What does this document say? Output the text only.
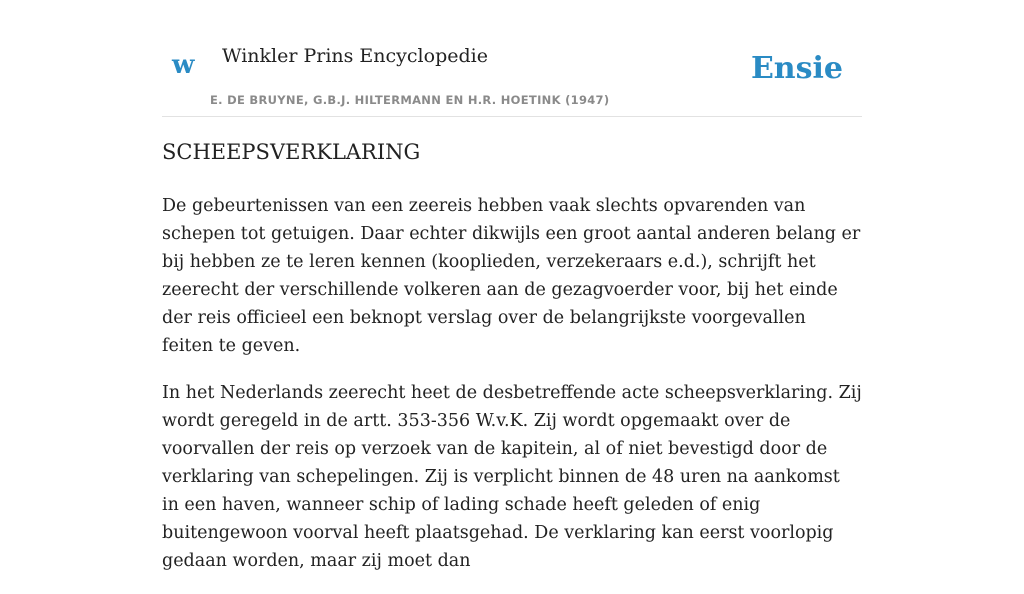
w Winkler Prins Encyclopedie
E. DE BRUYNE, G.B.J. HILTERMANN EN H.R. HOETINK (1947)
Ensie
SCHEEPSVERKLARING

De gebeurtenissen van een zeereis hebben vaak slechts opvarenden van schepen tot getuigen. Daar echter dikwijls een groot aantal anderen belang er bij hebben ze te leren kennen (kooplieden, verzekeraars e.d.), schrijft het zeerecht der verschillende volkeren aan de gezagvoerder voor, bij het einde der reis officieel een beknopt verslag over de belangrijkste voorgevallen feiten te geven.

In het Nederlands zeerecht heet de desbetreffende acte scheepsverklaring. Zij wordt geregeld in de artt. 353-356 W.v.K. Zij wordt opgemaakt over de voorvallen der reis op verzoek van de kapitein, al of niet bevestigd door de verklaring van schepelingen. Zij is verplicht binnen de 48 uren na aankomst in een haven, wanneer schip of lading schade heeft geleden of enig buitengewoon voorval heeft plaatsgehad. De verklaring kan eerst voorlopig gedaan worden, maar zij moet dan
